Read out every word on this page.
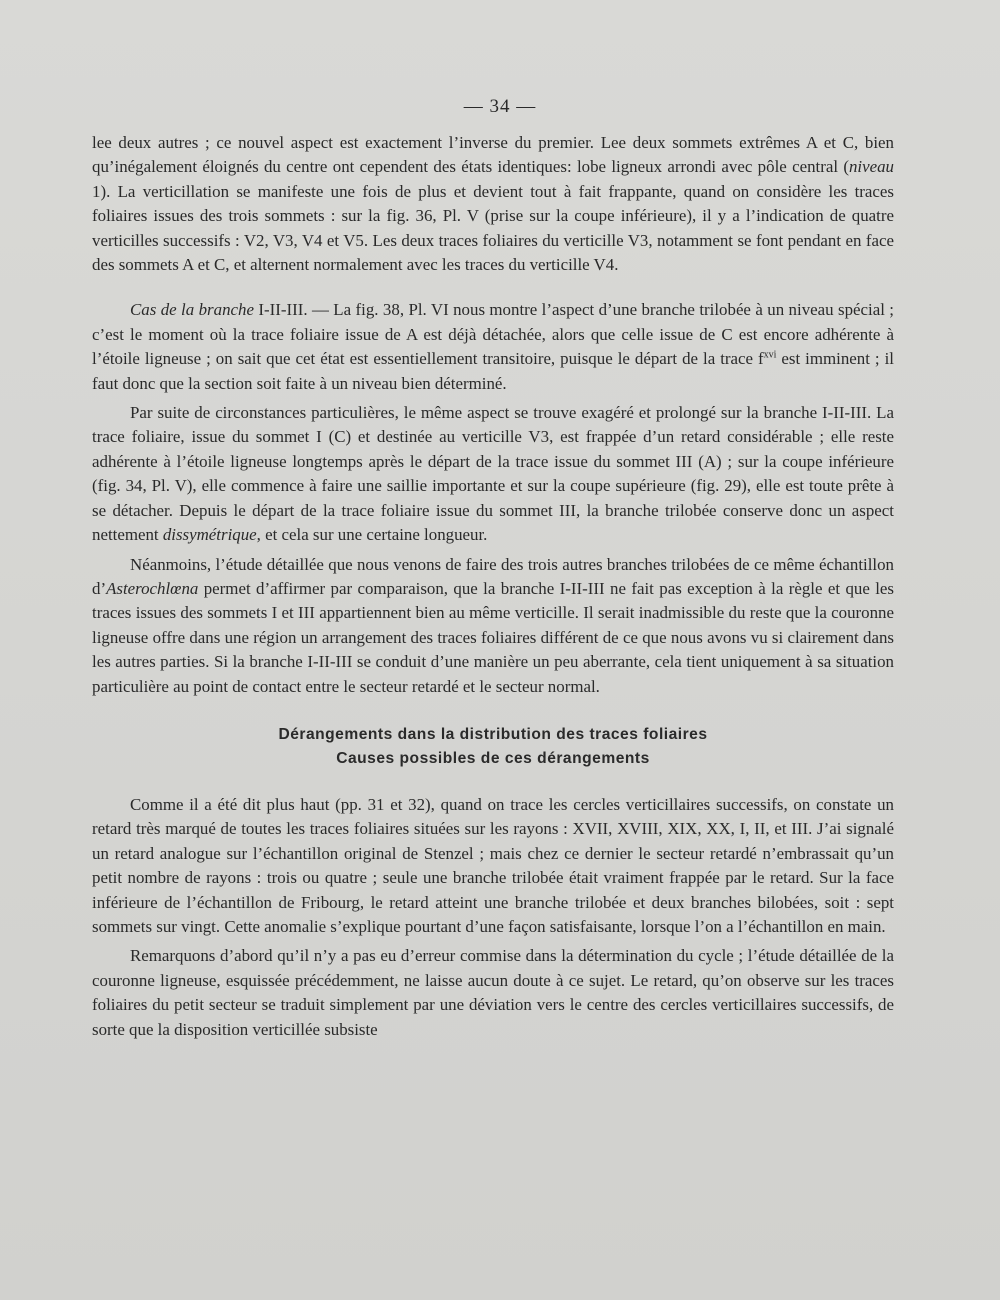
— 34 —

lee deux autres ; ce nouvel aspect est exactement l’inverse du premier. Lee deux sommets extrêmes A et C, bien qu’inégalement éloignés du centre ont cependent des états identiques: lobe ligneux arrondi avec pôle central (niveau 1). La verticillation se manifeste une fois de plus et devient tout à fait frappante, quand on considère les traces foliaires issues des trois sommets : sur la fig. 36, Pl. V (prise sur la coupe inférieure), il y a l’indication de quatre verticilles successifs : V2, V3, V4 et V5. Les deux traces foliaires du verticille V3, notamment se font pendant en face des sommets A et C, et alternent normalement avec les traces du verticille V4.

Cas de la branche I-II-III. — La fig. 38, Pl. VI nous montre l’aspect d’une branche trilobée à un niveau spécial ; c’est le moment où la trace foliaire issue de A est déjà détachée, alors que celle issue de C est encore adhérente à l’étoile ligneuse ; on sait que cet état est essentiellement transitoire, puisque le départ de la trace $f^{xvi}$ est imminent ; il faut donc que la section soit faite à un niveau bien déterminé.

Par suite de circonstances particulières, le même aspect se trouve exagéré et prolongé sur la branche I-II-III. La trace foliaire, issue du sommet I (C) et destinée au verticille V3, est frappée d’un retard considérable ; elle reste adhérente à l’étoile ligneuse longtemps après le départ de la trace issue du sommet III (A) ; sur la coupe inférieure (fig. 34, Pl. V), elle commence à faire une saillie importante et sur la coupe supérieure (fig. 29), elle est toute prête à se détacher. Depuis le départ de la trace foliaire issue du sommet III, la branche trilobée conserve donc un aspect nettement dissymétrique, et cela sur une certaine longueur.

Néanmoins, l’étude détaillée que nous venons de faire des trois autres branches trilobées de ce même échantillon d’Asterochlœna permet d’affirmer par comparaison, que la branche I-II-III ne fait pas exception à la règle et que les traces issues des sommets I et III appartiennent bien au même verticille. Il serait inadmissible du reste que la couronne ligneuse offre dans une région un arrangement des traces foliaires différent de ce que nous avons vu si clairement dans les autres parties. Si la branche I-II-III se conduit d’une manière un peu aberrante, cela tient uniquement à sa situation particulière au point de contact entre le secteur retardé et le secteur normal.

Dérangements dans la distribution des traces foliaires
Causes possibles de ces dérangements

Comme il a été dit plus haut (pp. 31 et 32), quand on trace les cercles verticillaires successifs, on constate un retard très marqué de toutes les traces foliaires situées sur les rayons : XVII, XVIII, XIX, XX, I, II, et III. J’ai signalé un retard analogue sur l’échantillon original de Stenzel ; mais chez ce dernier le secteur retardé n’embrassait qu’un petit nombre de rayons : trois ou quatre ; seule une branche trilobée était vraiment frappée par le retard. Sur la face inférieure de l’échantillon de Fribourg, le retard atteint une branche trilobée et deux branches bilobées, soit : sept sommets sur vingt. Cette anomalie s’explique pourtant d’une façon satisfaisante, lorsque l’on a l’échantillon en main.

Remarquons d’abord qu’il n’y a pas eu d’erreur commise dans la détermination du cycle ; l’étude détaillée de la couronne ligneuse, esquissée précédemment, ne laisse aucun doute à ce sujet. Le retard, qu’on observe sur les traces foliaires du petit secteur se traduit simplement par une déviation vers le centre des cercles verticillaires successifs, de sorte que la disposition verticillée subsiste
